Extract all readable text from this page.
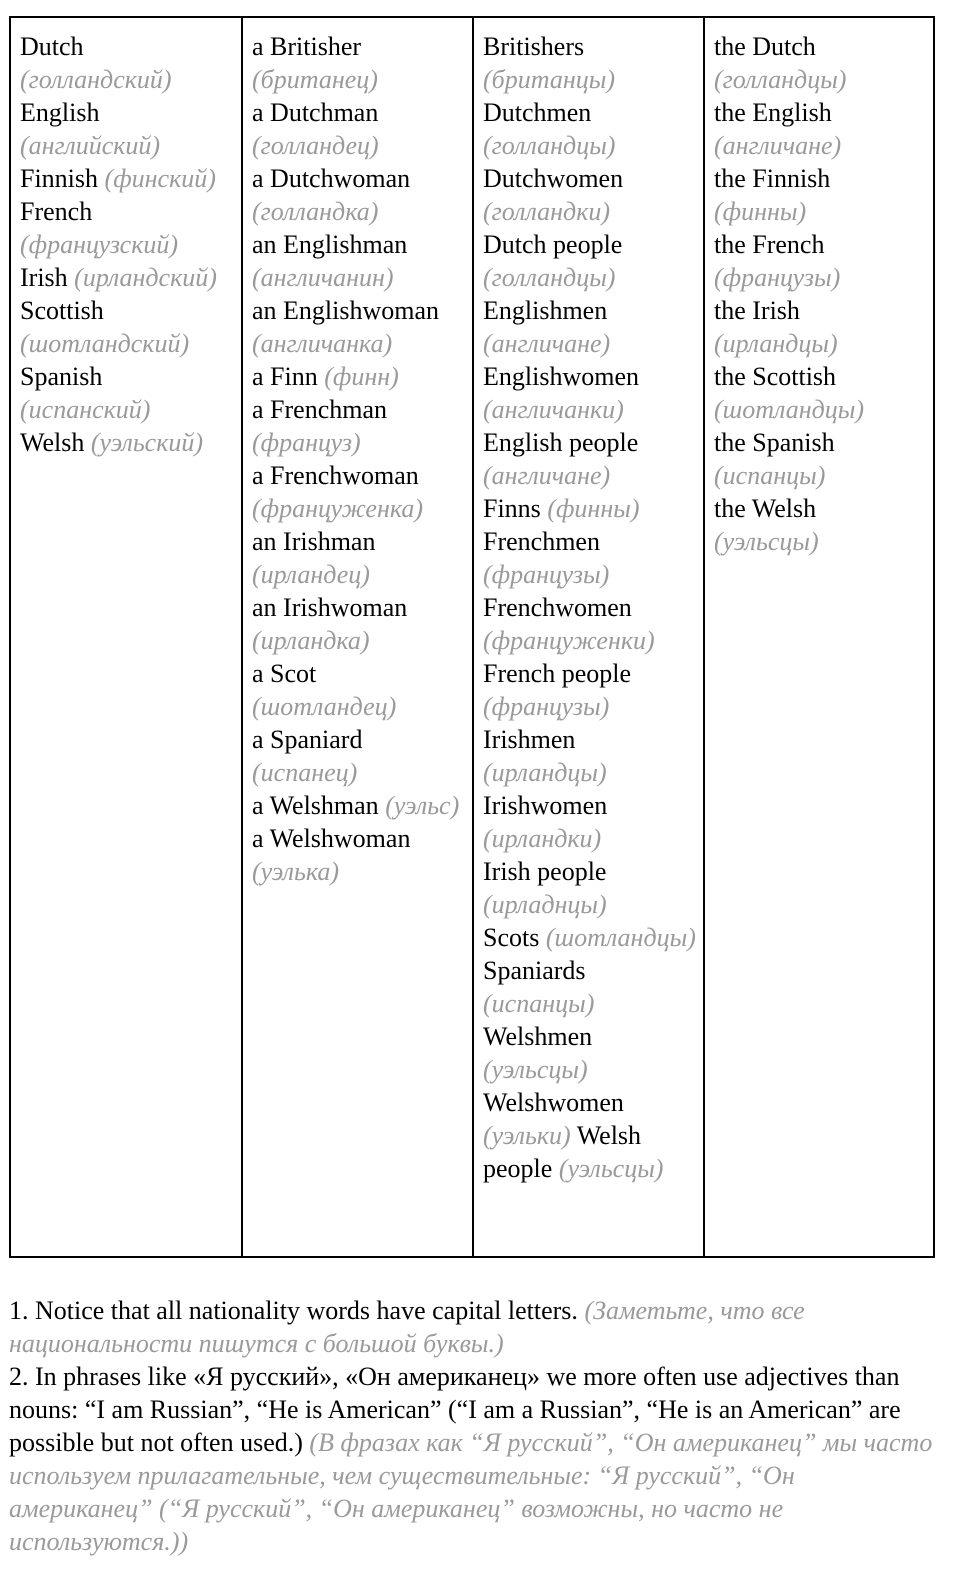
Dutch (голландский)
English (английский)
Finnish (финский)
French (французский)
Irish (ирландский)
Scottish (шотландский)
Spanish (испанский)
Welsh (уэльский)
a Britisher (британец)
a Dutchman (голландец)
a Dutchwoman (голландка)
an Englishman (англичанин)
an Englishwoman (англичанка)
a Finn (финн)
a Frenchman (француз)
a Frenchwoman (француженка)
an Irishman (ирландец)
an Irishwoman (ирландка)
a Scot (шотландец)
a Spaniard (испанец)
a Welshman (уэльс)
a Welshwoman (уэлька)
Britishers (британцы)
Dutchmen (голландцы)
Dutchwomen (голландки)
Dutch people (голландцы)
Englishmen (англичане)
Englishwomen (англичанки)
English people (англичане)
Finns (финны)
Frenchmen (французы)
Frenchwomen (француженки)
French people (французы)
Irishmen (ирландцы)
Irishwomen (ирландки)
Irish people (ирладнцы)
Scots (шотландцы)
Spaniards (испанцы)
Welshmen (уэльсцы)
Welshwomen
(уэльки) Welsh people (уэльсцы)
the Dutch (голландцы)
the English (англичане)
the Finnish (финны)
the French (французы)
the Irish (ирландцы)
the Scottish (шотландцы)
the Spanish (испанцы)
the Welsh (уэльсцы)
1. Notice that all nationality words have capital letters. (Заметьте, что все национальности пишутся с большой буквы.)
2. In phrases like «Я русский», «Он американец» we more often use adjectives than nouns: “I am Russian”, “He is American” (“I am a Russian”, “He is an American” are possible but not often used.) (В фразах как “Я русский”, “Он американец” мы часто используем прилагательные, чем существительные: “Я русский”, “Он американец” (“Я русский”, “Он американец” возможны, но часто не используются.))
